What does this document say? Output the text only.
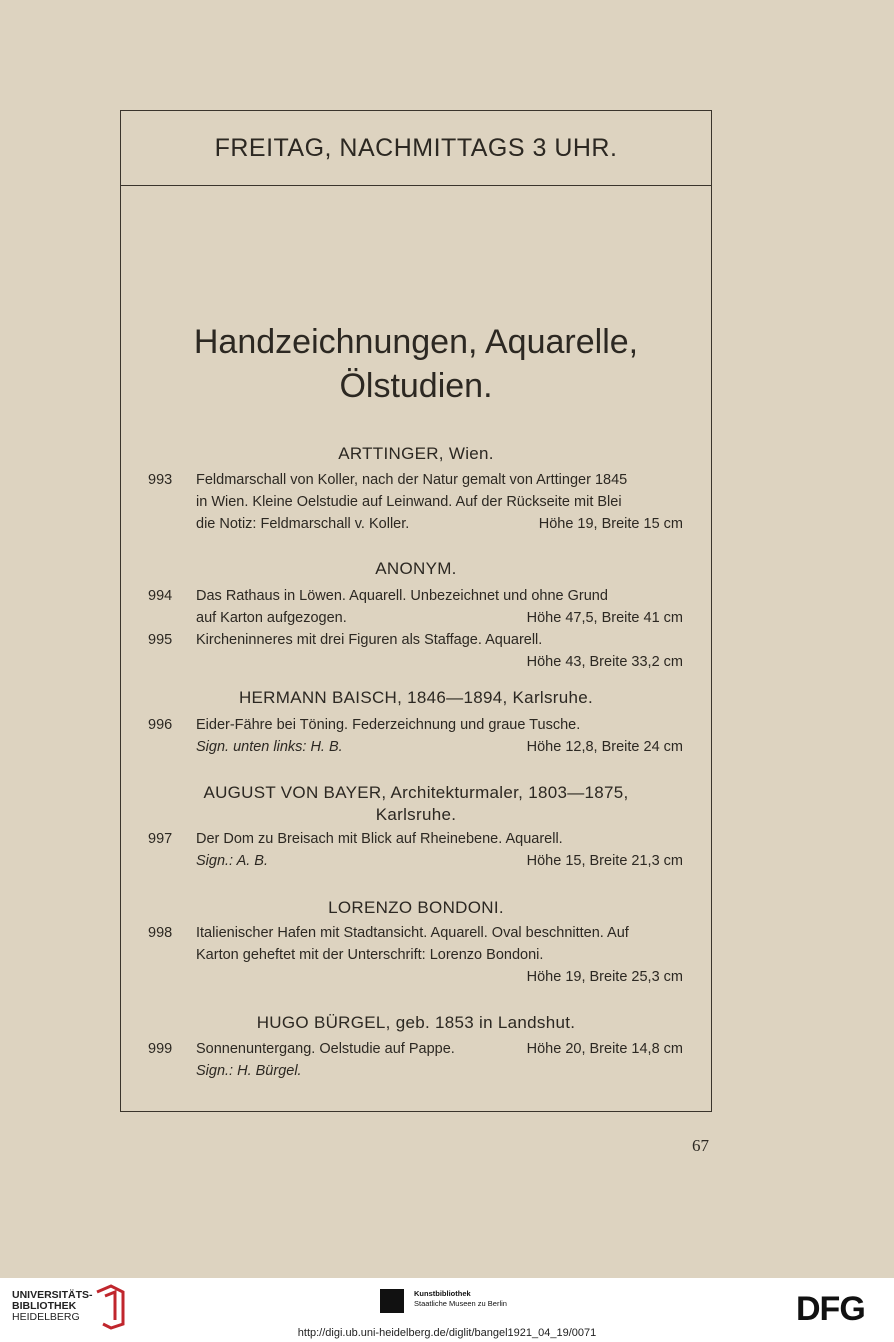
FREITAG, NACHMITTAGS 3 UHR.
Handzeichnungen, Aquarelle,
Ölstudien.
ARTTINGER, Wien.
993	Feldmarschall von Koller, nach der Natur gemalt von Arttinger 1845
in Wien. Kleine Oelstudie auf Leinwand. Auf der Rückseite mit Blei
die Notiz: Feldmarschall v. Koller.	Höhe 19, Breite 15 cm
ANONYM.
994	Das Rathaus in Löwen. Aquarell. Unbezeichnet und ohne Grund
auf Karton aufgezogen.	Höhe 47,5, Breite 41 cm
995	Kircheninneres mit drei Figuren als Staffage. Aquarell.
Höhe 43, Breite 33,2 cm
HERMANN BAISCH, 1846—1894, Karlsruhe.
996	Eider-Fähre bei Töning. Federzeichnung und graue Tusche.
Sign. unten links: H. B.	Höhe 12,8, Breite 24 cm
AUGUST VON BAYER, Architekturmaler, 1803—1875,
Karlsruhe.
997	Der Dom zu Breisach mit Blick auf Rheinebene. Aquarell.
Sign.: A. B.	Höhe 15, Breite 21,3 cm
LORENZO BONDONI.
998	Italienischer Hafen mit Stadtansicht. Aquarell. Oval beschnitten. Auf
Karton geheftet mit der Unterschrift: Lorenzo Bondoni.
Höhe 19, Breite 25,3 cm
HUGO BÜRGEL, geb. 1853 in Landshut.
999	Sonnenuntergang. Oelstudie auf Pappe.	Höhe 20, Breite 14,8 cm
Sign.: H. Bürgel.
67
UNIVERSITÄTS-
BIBLIOTHEK
HEIDELBERG
Kunstbibliothek
Staatliche Museen zu Berlin	DFG
http://digi.ub.uni-heidelberg.de/diglit/bangel1921_04_19/0071
